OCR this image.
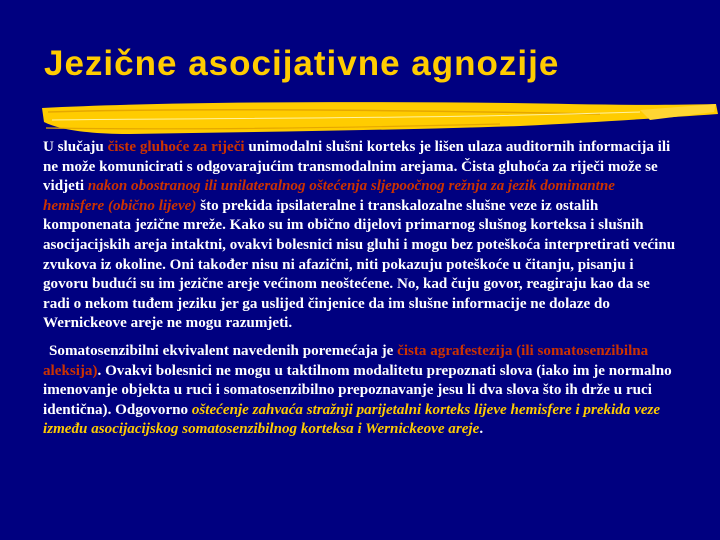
Jezične asocijativne agnozije

U slučaju čiste gluhoće za riječi unimodalni slušni korteks je lišen ulaza auditornih informacija ili ne može komunicirati s odgovarajućim transmodalnim arejama. Čista gluhoća za riječi može se vidjeti nakon obostranog ili unilateralnog oštećenja sljepoočnog režnja za jezik dominantne hemisfere (obično lijeve) što prekida ipsilateralne i transkalozalne slušne veze iz ostalih komponenata jezične mreže. Kako su im obično dijelovi primarnog slušnog korteksa i slušnih asocijacijskih areja intaktni, ovakvi bolesnici nisu gluhi i mogu bez poteškoća interpretirati većinu zvukova iz okoline. Oni također nisu ni afazični, niti pokazuju poteškoće u čitanju, pisanju i govoru budući su im jezične areje većinom neoštećene. No, kad čuju govor, reagiraju kao da se radi o nekom tuđem jeziku jer ga uslijed činjenice da im slušne informacije ne dolaze do Wernickeove areje ne mogu razumjeti.

Somatosenzibilni ekvivalent navedenih poremećaja je čista agrafestezija (ili somatosenzibilna aleksija). Ovakvi bolesnici ne mogu u taktilnom modalitetu prepoznati slova (iako im je normalno imenovanje objekta u ruci i somatosenzibilno prepoznavanje jesu li dva slova što ih drže u ruci identična). Odgovorno oštećenje zahvaća stražnji parijetalni korteks lijeve hemisfere i prekida veze između asocijacijskog somatosenzibilnog korteksa i Wernickeove areje.
